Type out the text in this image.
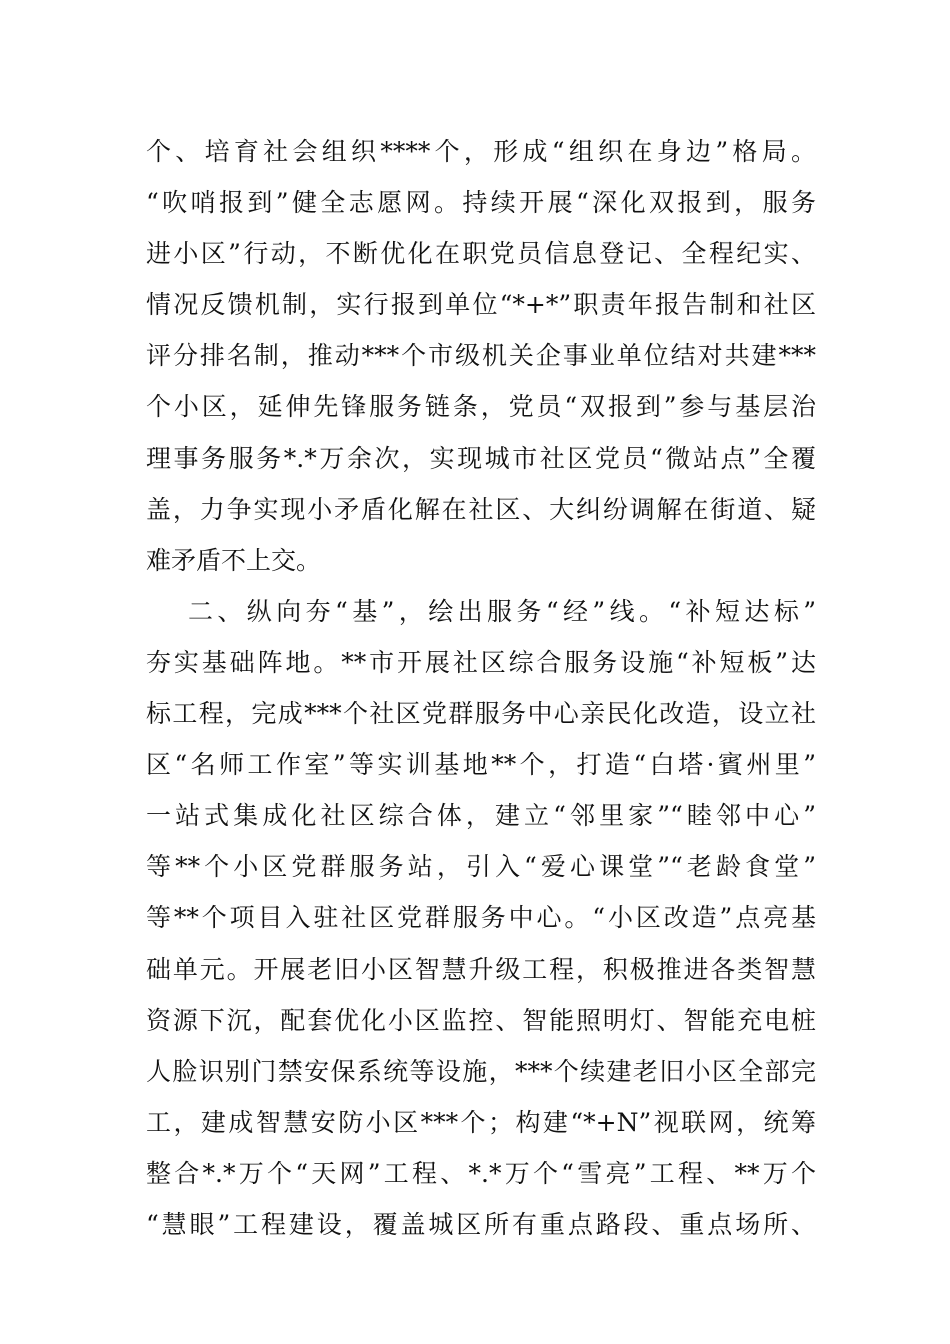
个、培育社会组织****个，形成“组织在身边”格局。
“吹哨报到”健全志愿网。持续开展“深化双报到，服务
进小区”行动，不断优化在职党员信息登记、全程纪实、
情况反馈机制，实行报到单位“*+*”职责年报告制和社区
评分排名制，推动***个市级机关企事业单位结对共建***
个小区，延伸先锋服务链条，党员“双报到”参与基层治
理事务服务*.*万余次，实现城市社区党员“微站点”全覆
盖，力争实现小矛盾化解在社区、大纠纷调解在街道、疑
难矛盾不上交。
二、纵向夯“基”，绘出服务“经”线。“补短达标”
夯实基础阵地。**市开展社区综合服务设施“补短板”达
标工程，完成***个社区党群服务中心亲民化改造，设立社
区“名师工作室”等实训基地**个，打造“白塔·賓州里”
一站式集成化社区综合体，建立“邻里家”“睦邻中心”
等**个小区党群服务站，引入“爱心课堂”“老龄食堂”
等**个项目入驻社区党群服务中心。“小区改造”点亮基
础单元。开展老旧小区智慧升级工程，积极推进各类智慧
资源下沉，配套优化小区监控、智能照明灯、智能充电桩
人脸识别门禁安保系统等设施，***个续建老旧小区全部完
工，建成智慧安防小区***个；构建“*+N”视联网，统筹
整合*.*万个“天网”工程、*.*万个“雪亮”工程、**万个
“慧眼”工程建设，覆盖城区所有重点路段、重点场所、
